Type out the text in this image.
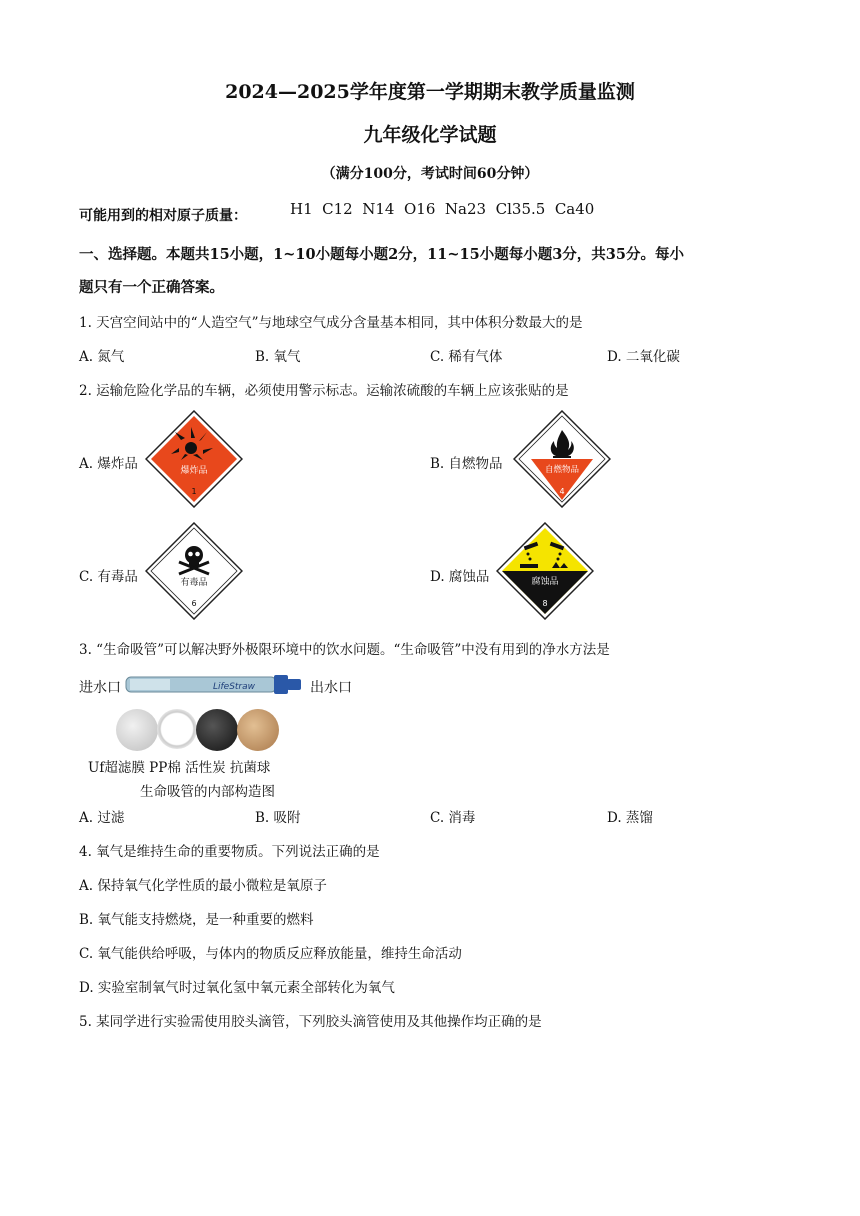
2024—2025学年度第一学期期末教学质量监测
九年级化学试题
（满分100分，考试时间60分钟）
可能用到的相对原子质量：	H1  C12  N14  O16  Na23  Cl35.5  Ca40
一、选择题。本题共15小题，1~10小题每小题2分，11~15小题每小题3分，共35分。每小
题只有一个正确答案。
1. 天宫空间站中的“人造空气”与地球空气成分含量基本相同，其中体积分数最大的是
A. 氮气	B. 氧气	C. 稀有气体	D. 二氧化碳
2. 运输危险化学品的车辆，必须使用警示标志。运输浓硫酸的车辆上应该张贴的是
A. 爆炸品	B. 自燃物品
C. 有毒品	D. 腐蚀品
爆炸品
1
自燃物品
4
有毒品
6
腐蚀品
8
3. “生命吸管”可以解决野外极限环境中的饮水问题。“生命吸管”中没有用到的净水方法是
进水口	出水口
LifeStraw
Uf超滤膜 PP棉 活性炭 抗菌球
生命吸管的内部构造图
A. 过滤	B. 吸附	C. 消毒	D. 蒸馏
4. 氧气是维持生命的重要物质。下列说法正确的是
A. 保持氧气化学性质的最小微粒是氧原子
B. 氧气能支持燃烧，是一种重要的燃料
C. 氧气能供给呼吸，与体内的物质反应释放能量，维持生命活动
D. 实验室制氧气时过氧化氢中氧元素全部转化为氧气
5. 某同学进行实验需使用胶头滴管，下列胶头滴管使用及其他操作均正确的是
